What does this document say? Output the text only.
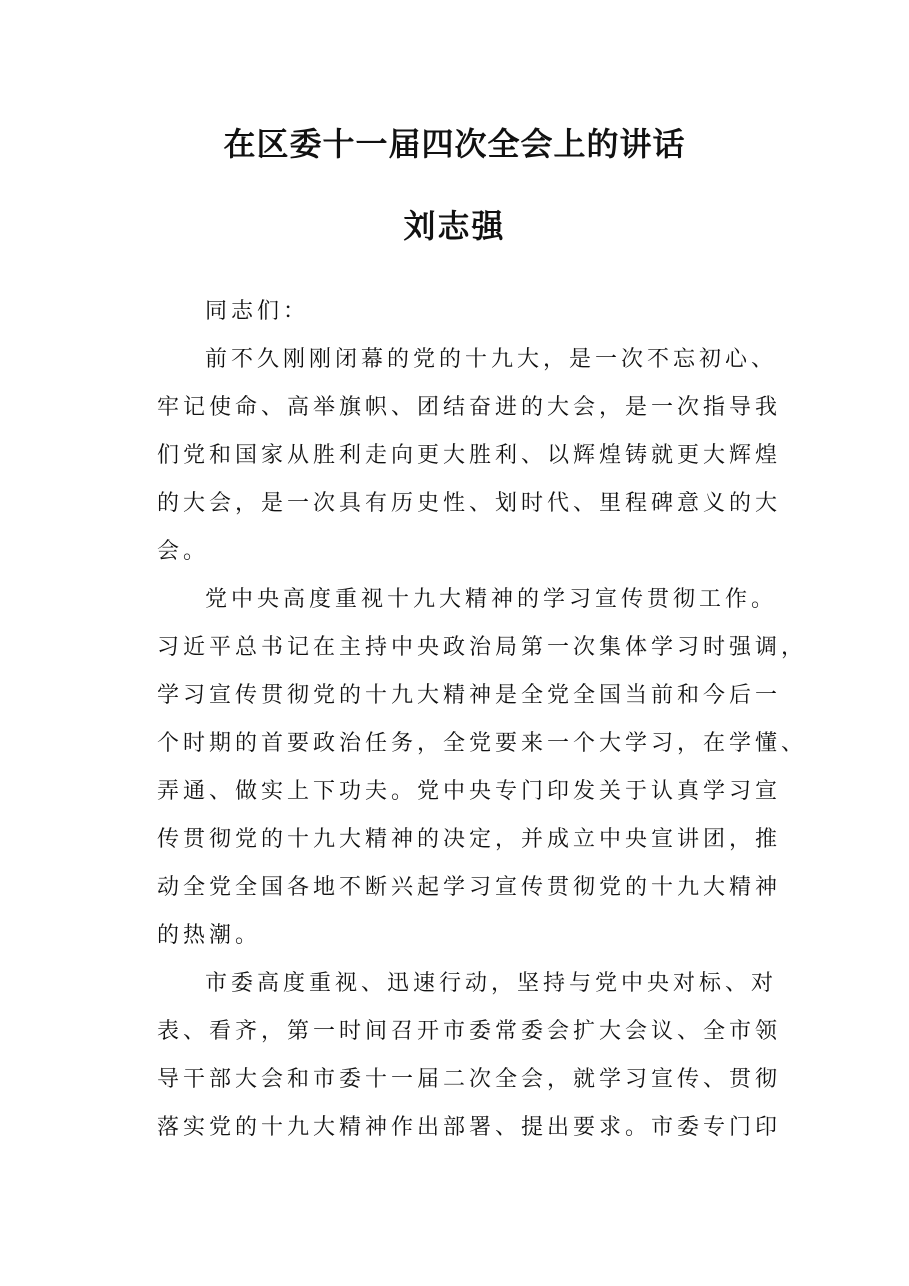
在区委十一届四次全会上的讲话
刘志强
同志们：
前不久刚刚闭幕的党的十九大，是一次不忘初心、
牢记使命、高举旗帜、团结奋进的大会，是一次指导我
们党和国家从胜利走向更大胜利、以辉煌铸就更大辉煌
的大会，是一次具有历史性、划时代、里程碑意义的大
会。
党中央高度重视十九大精神的学习宣传贯彻工作。
习近平总书记在主持中央政治局第一次集体学习时强调，
学习宣传贯彻党的十九大精神是全党全国当前和今后一
个时期的首要政治任务，全党要来一个大学习，在学懂、
弄通、做实上下功夫。党中央专门印发关于认真学习宣
传贯彻党的十九大精神的决定，并成立中央宣讲团，推
动全党全国各地不断兴起学习宣传贯彻党的十九大精神
的热潮。
市委高度重视、迅速行动，坚持与党中央对标、对
表、看齐，第一时间召开市委常委会扩大会议、全市领
导干部大会和市委十一届二次全会，就学习宣传、贯彻
落实党的十九大精神作出部署、提出要求。市委专门印
